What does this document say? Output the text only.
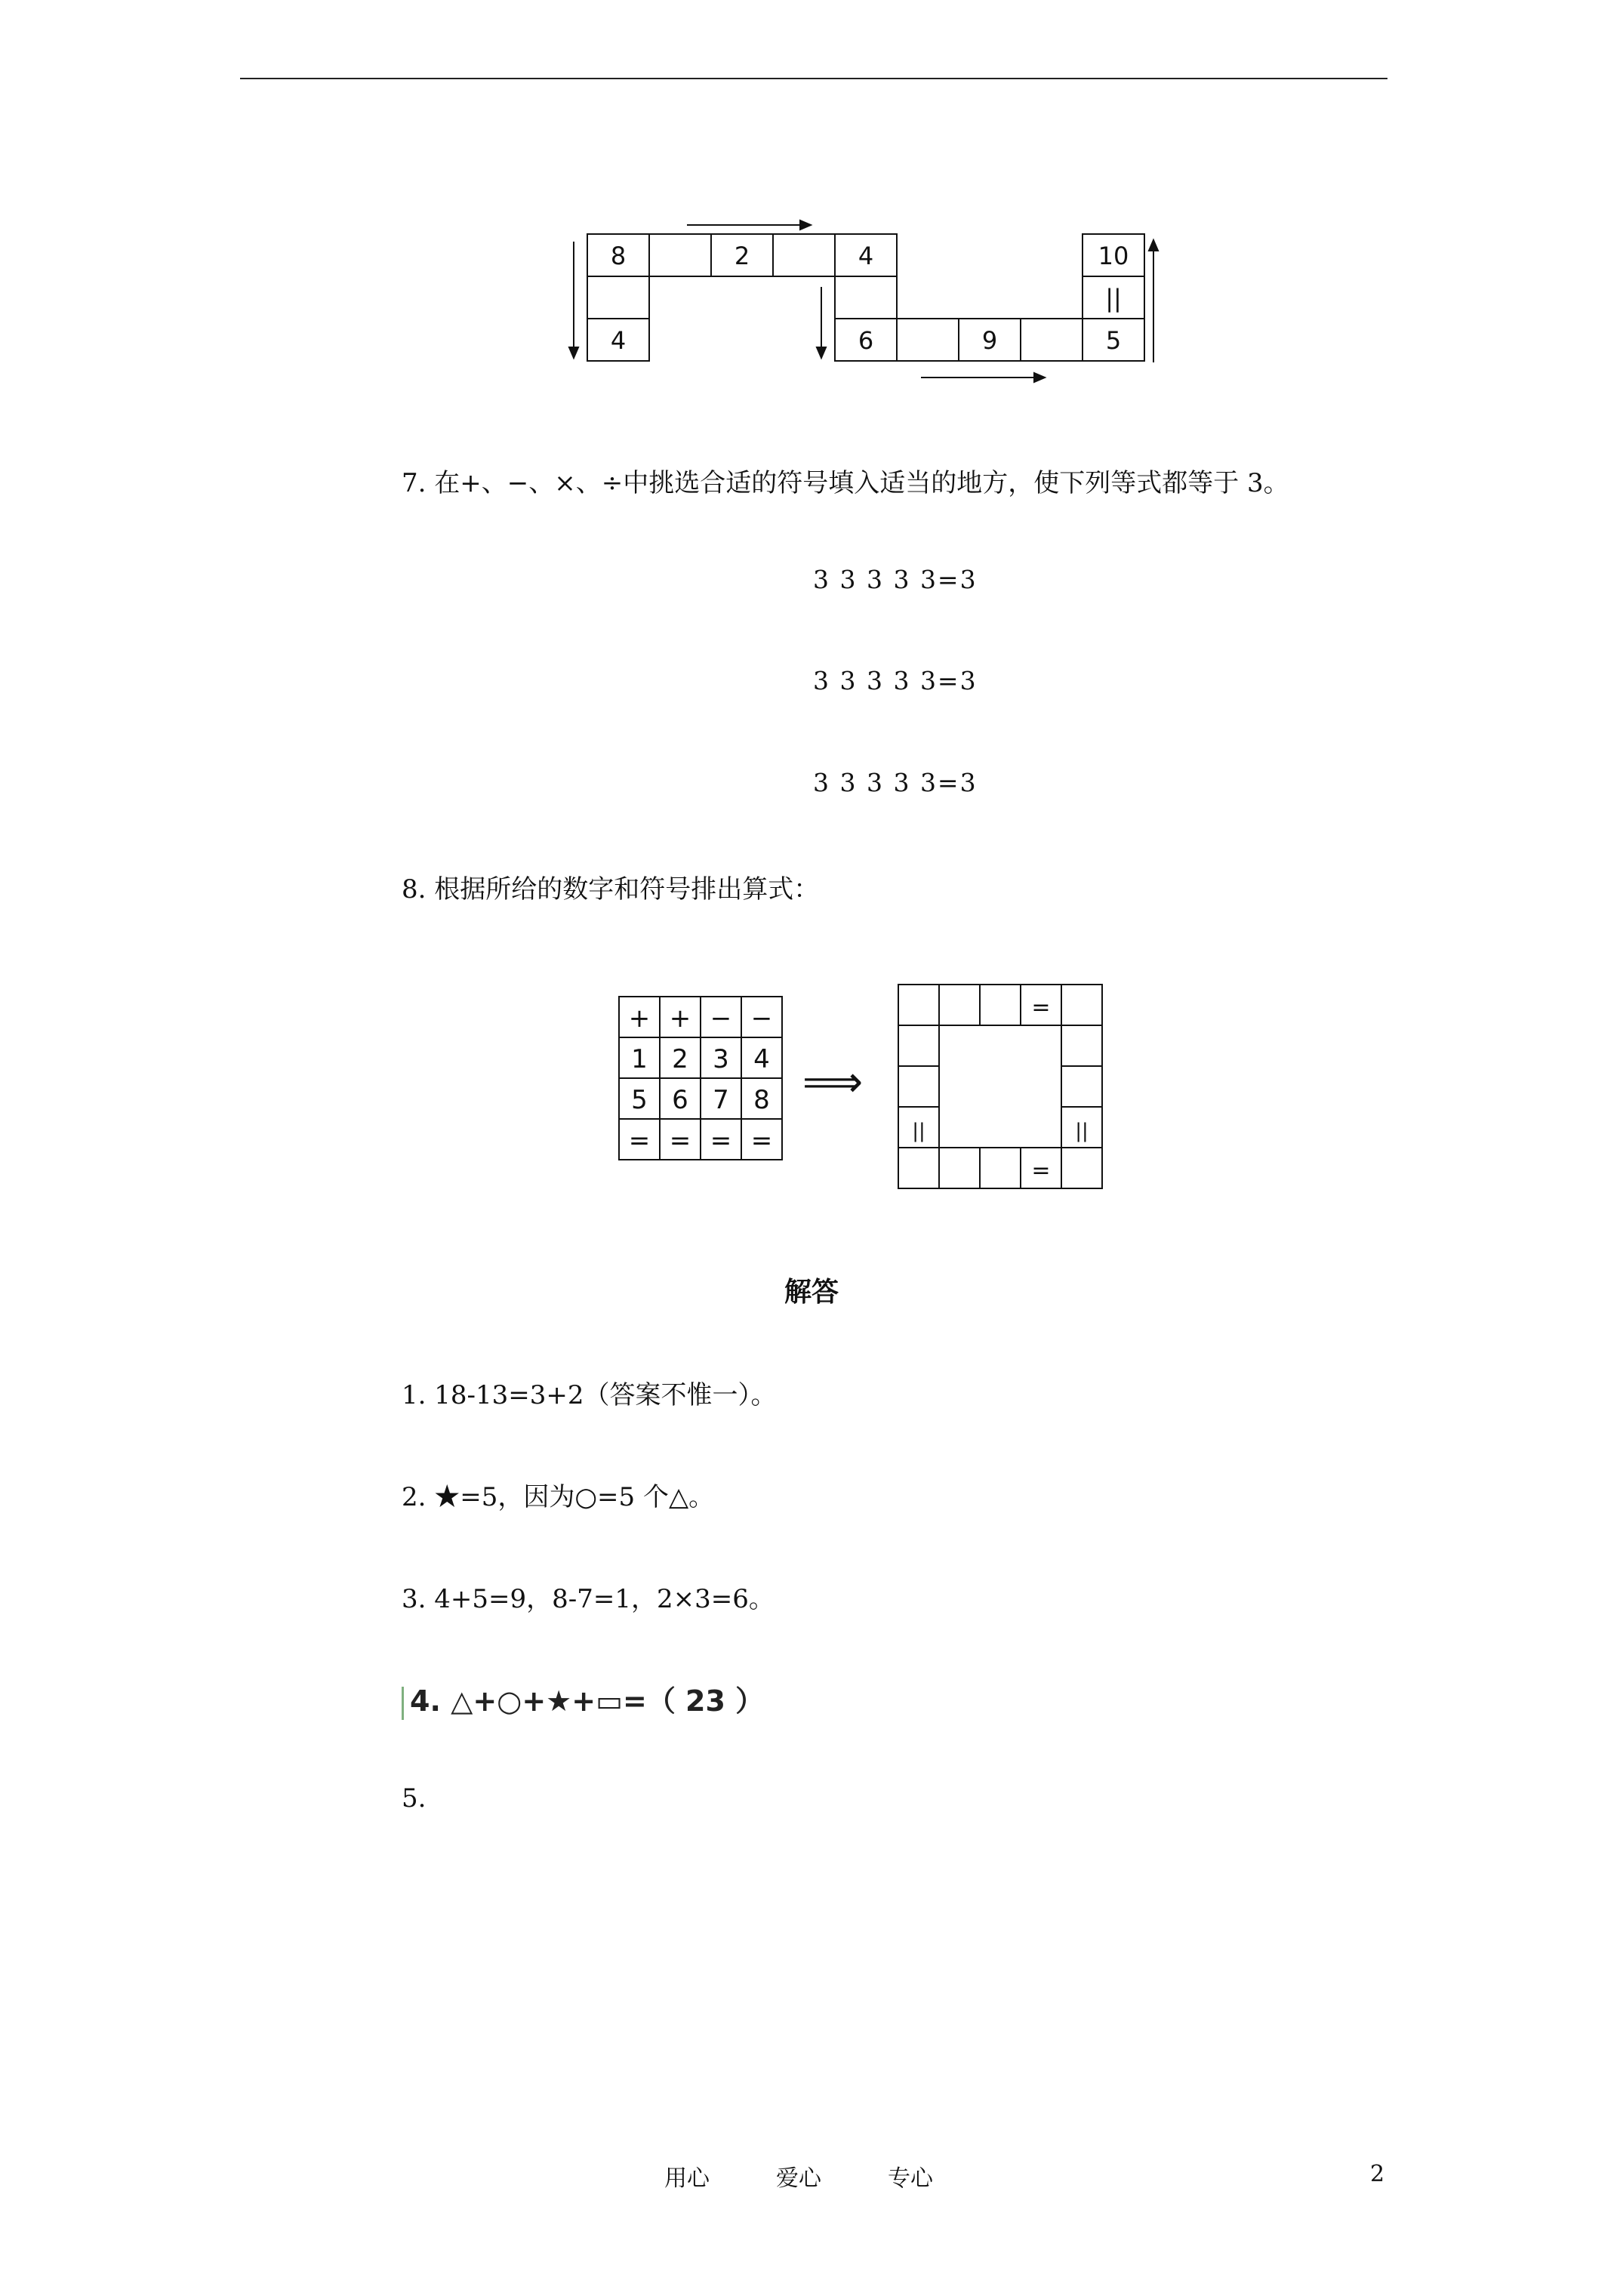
8	2	4
4
10
6	9	5
||
7. 在+、−、×、÷中挑选合适的符号填入适当的地方，使下列等式都等于 3。
3 3 3 3 3=3
3 3 3 3 3=3
3 3 3 3 3=3
8. 根据所给的数字和符号排出算式：
+ + − −
1 2 3 4
5 6 7 8
= = = =
⟹
=
=
||	||
解答
1. 18-13=3+2（答案不惟一）。
2. ★=5，因为○=5 个△。
3. 4+5=9，8-7=1，2×3=6。
4. △+○+★+▭=（ 23 ）
5.
用心	爱心	专心	2
